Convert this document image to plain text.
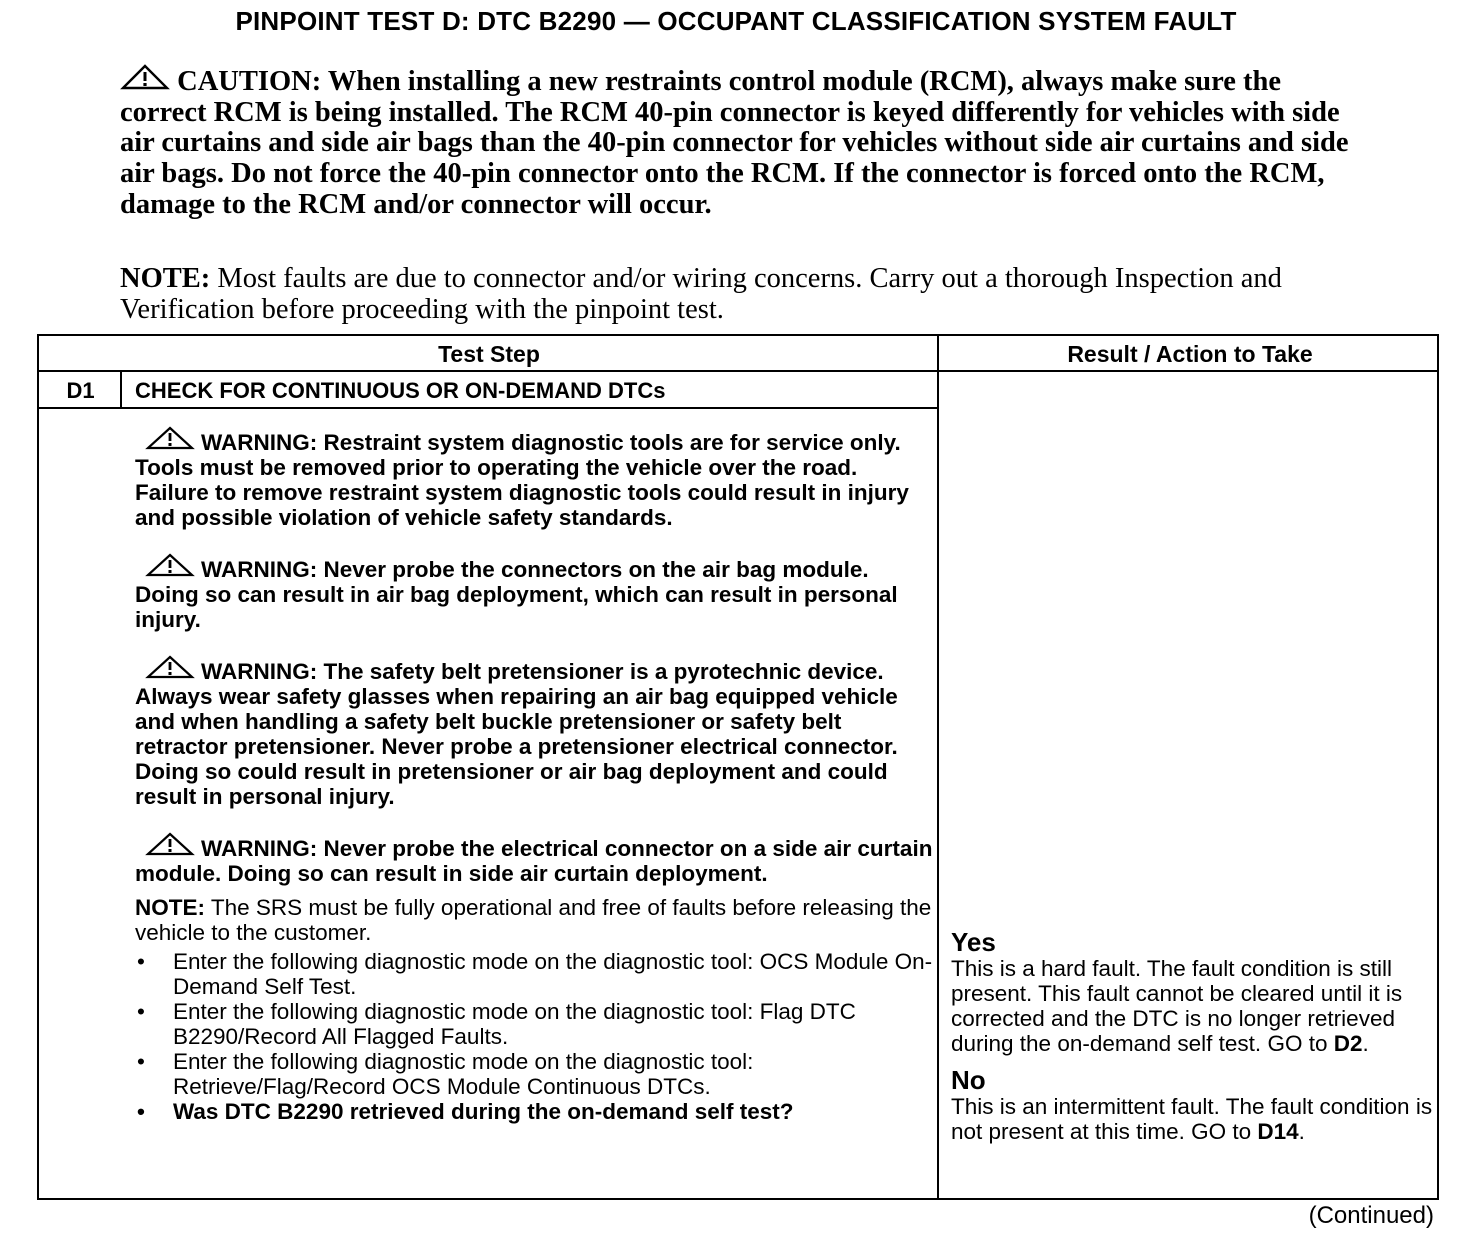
PINPOINT TEST D: DTC B2290 — OCCUPANT CLASSIFICATION SYSTEM FAULT
CAUTION: When installing a new restraints control module (RCM), always make sure the correct RCM is being installed. The RCM 40-pin connector is keyed differently for vehicles with side air curtains and side air bags than the 40-pin connector for vehicles without side air curtains and side air bags. Do not force the 40-pin connector onto the RCM. If the connector is forced onto the RCM, damage to the RCM and/or connector will occur.
NOTE: Most faults are due to connector and/or wiring concerns. Carry out a thorough Inspection and Verification before proceeding with the pinpoint test.
Test Step	Result / Action to Take
D1	CHECK FOR CONTINUOUS OR ON-DEMAND DTCs
WARNING: Restraint system diagnostic tools are for service only. Tools must be removed prior to operating the vehicle over the road. Failure to remove restraint system diagnostic tools could result in injury and possible violation of vehicle safety standards.
WARNING: Never probe the connectors on the air bag module. Doing so can result in air bag deployment, which can result in personal injury.
WARNING: The safety belt pretensioner is a pyrotechnic device. Always wear safety glasses when repairing an air bag equipped vehicle and when handling a safety belt buckle pretensioner or safety belt retractor pretensioner. Never probe a pretensioner electrical connector. Doing so could result in pretensioner or air bag deployment and could result in personal injury.
WARNING: Never probe the electrical connector on a side air curtain module. Doing so can result in side air curtain deployment.
NOTE: The SRS must be fully operational and free of faults before releasing the vehicle to the customer.
• Enter the following diagnostic mode on the diagnostic tool: OCS Module On-Demand Self Test.
• Enter the following diagnostic mode on the diagnostic tool: Flag DTC B2290/Record All Flagged Faults.
• Enter the following diagnostic mode on the diagnostic tool: Retrieve/Flag/Record OCS Module Continuous DTCs.
• Was DTC B2290 retrieved during the on-demand self test?
Yes
This is a hard fault. The fault condition is still present. This fault cannot be cleared until it is corrected and the DTC is no longer retrieved during the on-demand self test. GO to D2.
No
This is an intermittent fault. The fault condition is not present at this time. GO to D14.
(Continued)
